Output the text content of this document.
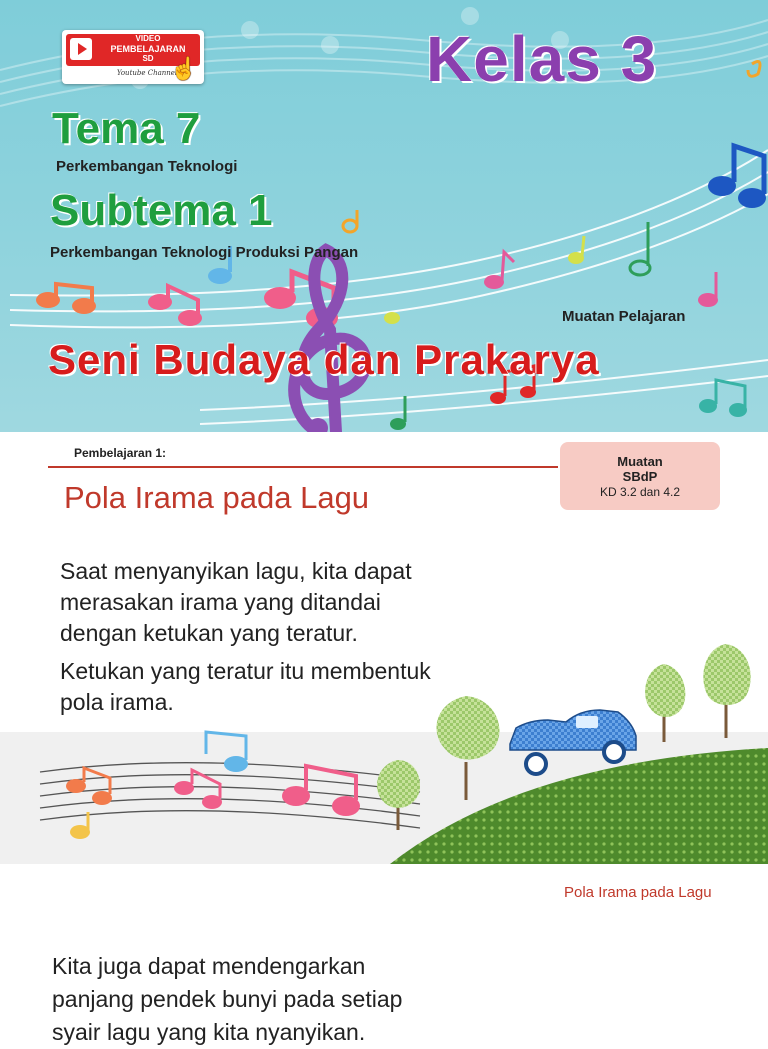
VIDEO
PEMBELAJARAN
SD
Youtube Channel
☝	Kelas 3
Tema 7
Perkembangan Teknologi
Subtema 1
Perkembangan Teknologi Produksi Pangan
Muatan Pelajaran
Seni Budaya dan Prakarya
Pembelajaran 1:
Pola Irama pada Lagu
Muatan
SBdP
KD 3.2 dan 4.2
Saat menyanyikan lagu, kita dapat
merasakan irama yang ditandai
dengan ketukan yang teratur.
Ketukan yang teratur itu membentuk
pola irama.
Pola Irama pada Lagu
Kita juga dapat mendengarkan
panjang pendek bunyi pada setiap
syair lagu yang kita nyanyikan.
